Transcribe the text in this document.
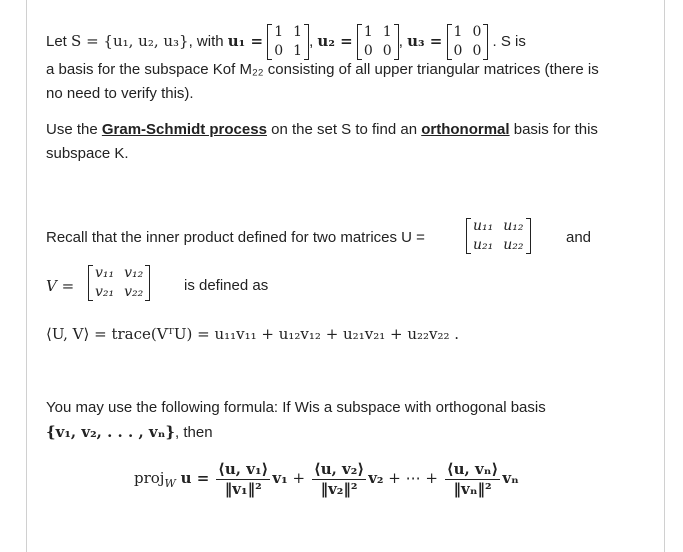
Let S = {u₁, u₂, u₃}, with u₁ = 1 1
0 1
, u₂ = 1 1
0 0
, u₃ = 1 0
0 0
. S is
a basis for the subspace Kof M₂₂ consisting of all upper triangular matrices (there is
no need to verify this).
Use the Gram-Schmidt process on the set S to find an orthonormal basis for this
subspace K.
Recall that the inner product defined for two matrices U =
u₁₁ u₁₂
u₂₁ u₂₂	and
V =
v₁₁ v₁₂
v₂₁ v₂₂	is defined as
⟨U, V⟩ = trace(VᵀU) = u₁₁v₁₁ + u₁₂v₁₂ + u₂₁v₂₁ + u₂₂v₂₂ .
You may use the following formula: If Wis a subspace with orthogonal basis
{v₁, v₂, . . . , vₙ}, then
proj$_W$ $u = \frac{\text{⟨u, v₁⟩}}{\text{‖v₁‖²}} v_1 + \frac{\text{⟨u, v₂⟩}}{\text{‖v₂‖²}} v_2$ + ⋯ + $\frac{\text{⟨u, vₙ⟩}}{\text{‖vₙ‖²}}$ vₙ
